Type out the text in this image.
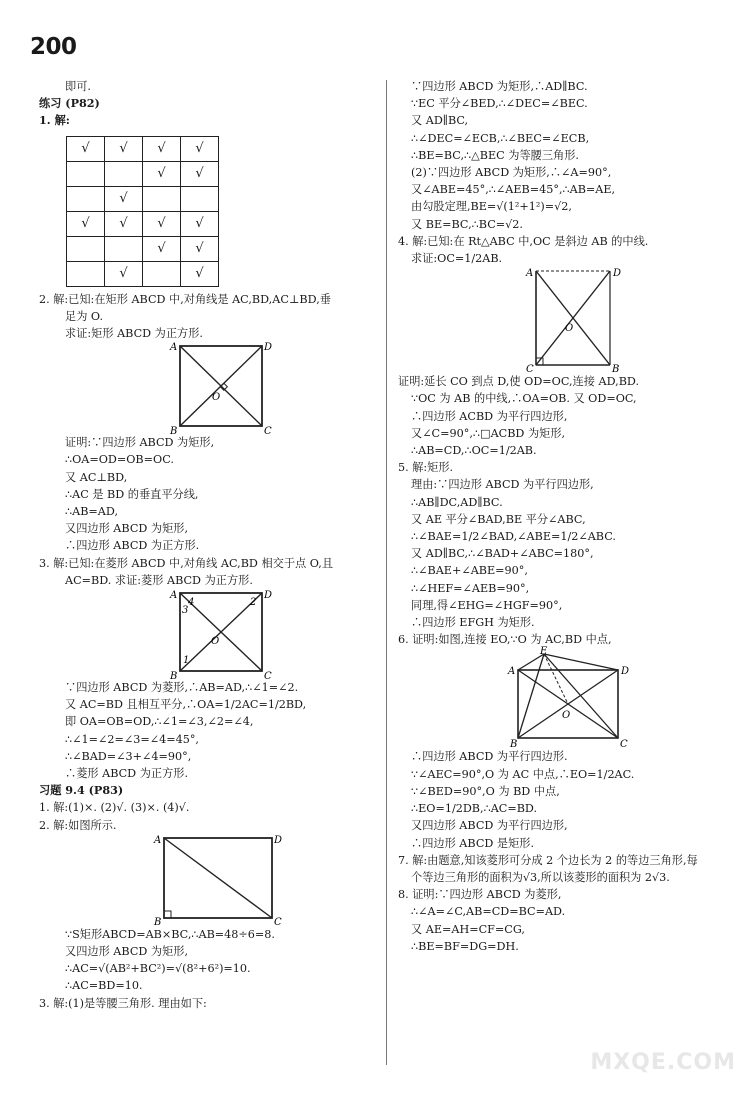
200
即可.
练习 (P82)
1. 解:
√	√	√	√
		√	√
	√		
√	√	√	√
		√	√
	√		√
2. 解:已知:在矩形 ABCD 中,对角线是 AC,BD,AC⊥BD,垂
足为 O.
求证:矩形 ABCD 为正方形.
A	D
B	C
O
证明:∵四边形 ABCD 为矩形,
∴OA=OD=OB=OC.
又 AC⊥BD,
∴AC 是 BD 的垂直平分线,
∴AB=AD,
又四边形 ABCD 为矩形,
∴四边形 ABCD 为正方形.
3. 解:已知:在菱形 ABCD 中,对角线 AC,BD 相交于点 O,且
AC=BD. 求证:菱形 ABCD 为正方形.
A	D
B	C
O
4
3
2
1
∵四边形 ABCD 为菱形,∴AB=AD,∴∠1=∠2.
又 AC=BD 且相互平分,∴OA=1/2AC=1/2BD,
即 OA=OB=OD,∴∠1=∠3,∠2=∠4,
∴∠1=∠2=∠3=∠4=45°,
∴∠BAD=∠3+∠4=90°,
∴菱形 ABCD 为正方形.
习题 9.4 (P83)
1. 解:(1)×. (2)√. (3)×. (4)√.
2. 解:如图所示.
A	D
B	C
∵S矩形ABCD=AB×BC,∴AB=48÷6=8.
又四边形 ABCD 为矩形,
∴AC=√(AB²+BC²)=√(8²+6²)=10.
∴AC=BD=10.
3. 解:(1)是等腰三角形. 理由如下:
∵四边形 ABCD 为矩形,∴AD∥BC.
∵EC 平分∠BED,∴∠DEC=∠BEC.
又 AD∥BC,
∴∠DEC=∠ECB,∴∠BEC=∠ECB,
∴BE=BC,∴△BEC 为等腰三角形.
(2)∵四边形 ABCD 为矩形,∴∠A=90°,
又∠ABE=45°,∴∠AEB=45°,∴AB=AE,
由勾股定理,BE=√(1²+1²)=√2,
又 BE=BC,∴BC=√2.
4. 解:已知:在 Rt△ABC 中,OC 是斜边 AB 的中线.
求证:OC=1/2AB.
A	D
C	B
O
证明:延长 CO 到点 D,使 OD=OC,连接 AD,BD.
∵OC 为 AB 的中线,∴OA=OB. 又 OD=OC,
∴四边形 ACBD 为平行四边形,
又∠C=90°,∴□ACBD 为矩形,
∴AB=CD,∴OC=1/2AB.
5. 解:矩形.
理由:∵四边形 ABCD 为平行四边形,
∴AB∥DC,AD∥BC.
又 AE 平分∠BAD,BE 平分∠ABC,
∴∠BAE=1/2∠BAD,∠ABE=1/2∠ABC.
又 AD∥BC,∴∠BAD+∠ABC=180°,
∴∠BAE+∠ABE=90°,
∴∠HEF=∠AEB=90°,
同理,得∠EHG=∠HGF=90°,
∴四边形 EFGH 为矩形.
6. 证明:如图,连接 EO,∵O 为 AC,BD 中点,
E
A	D
B	C
O
∴四边形 ABCD 为平行四边形.
∵∠AEC=90°,O 为 AC 中点,∴EO=1/2AC.
∵∠BED=90°,O 为 BD 中点,
∴EO=1/2DB,∴AC=BD.
又四边形 ABCD 为平行四边形,
∴四边形 ABCD 是矩形.
7. 解:由题意,知该菱形可分成 2 个边长为 2 的等边三角形,每
个等边三角形的面积为√3,所以该菱形的面积为 2√3.
8. 证明:∵四边形 ABCD 为菱形,
∴∠A=∠C,AB=CD=BC=AD.
又 AE=AH=CF=CG,
∴BE=BF=DG=DH.
MXQE.COM
